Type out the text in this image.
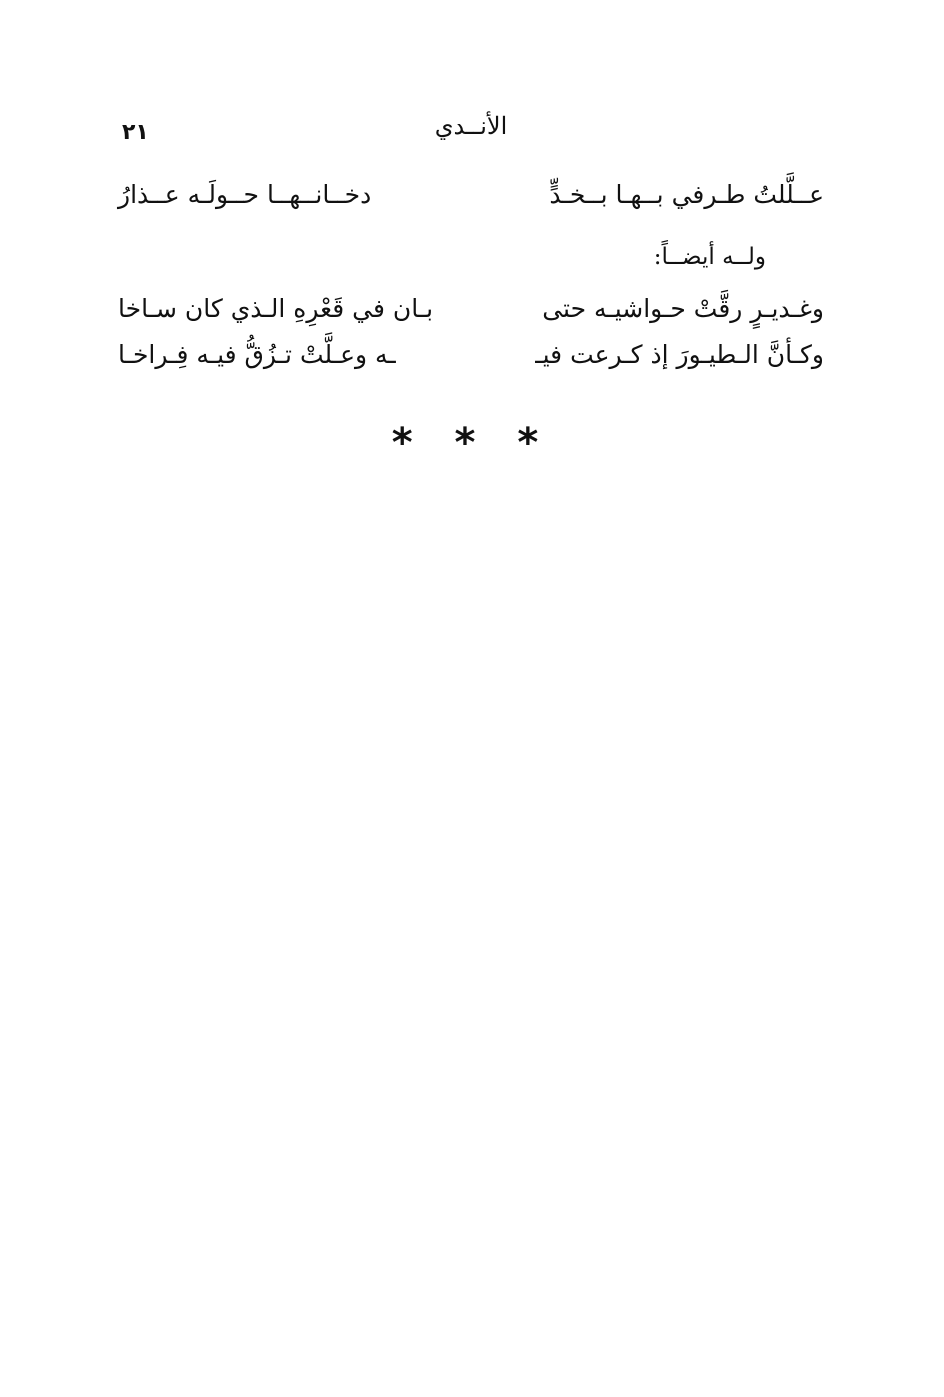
٢١	الأنــدي
عــلَّلتُ طـرفي بــهـا بــخـدٍّ
دخــانــهــا حــولَـه عــذارُ
ولــه أيضــاً:
وغـديـرٍ رقَّتْ حـواشيـه حتى
بـان في قَعْرِهِ الـذي كان سـاخا
وكـأنَّ الـطيـورَ إذ كـرعت فيـ
ـه وعـلَّتْ تـزُقُّ فيـه فِـراخـا
* * *
